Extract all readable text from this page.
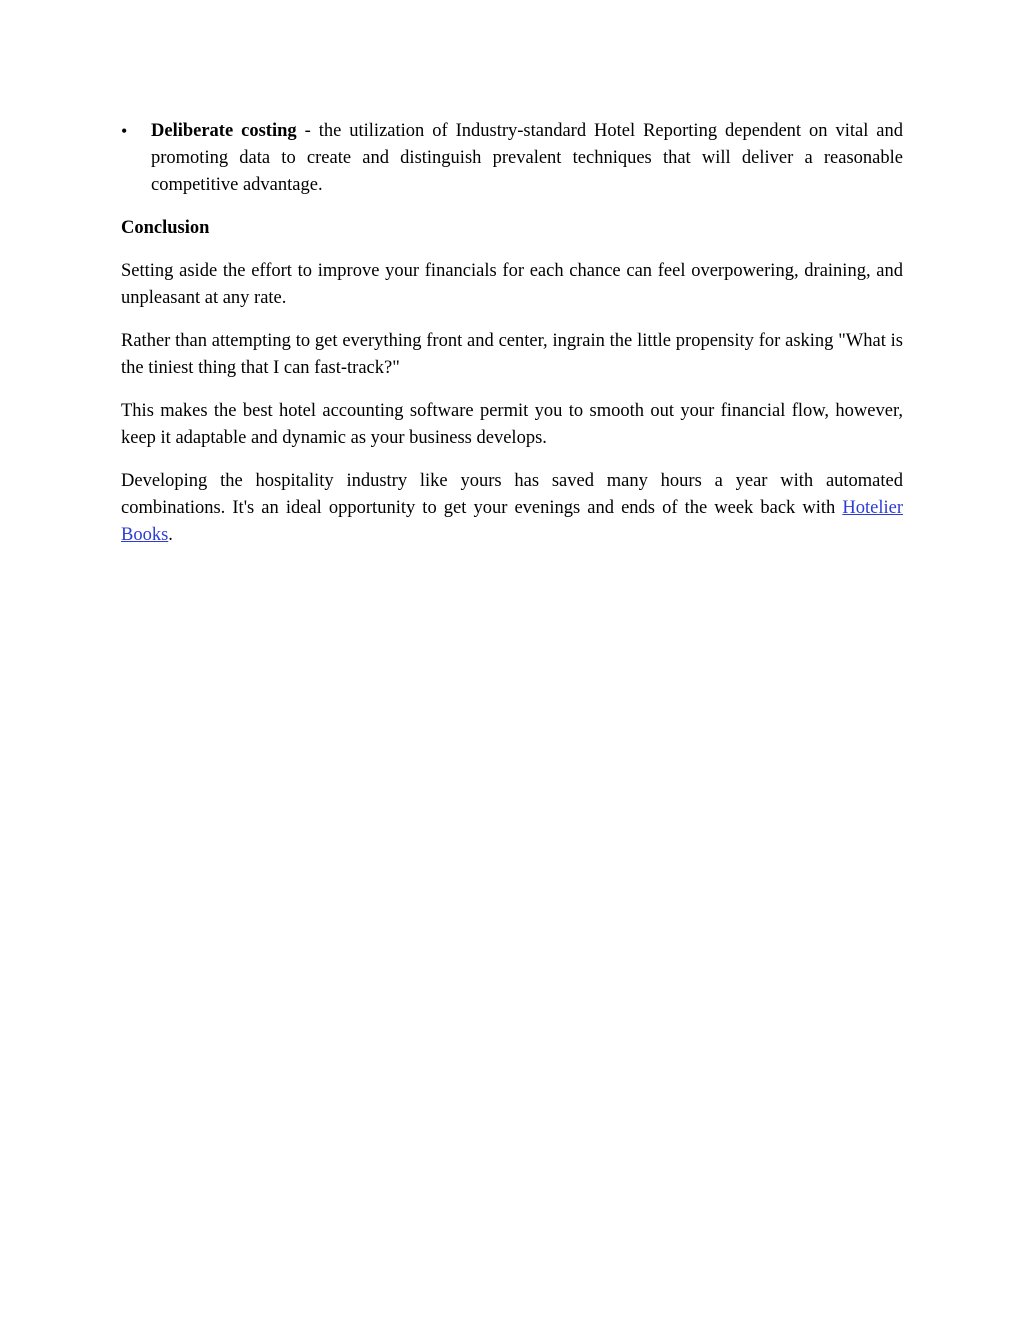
• Deliberate costing - the utilization of Industry-standard Hotel Reporting dependent on vital and promoting data to create and distinguish prevalent techniques that will deliver a reasonable competitive advantage.
Conclusion

Setting aside the effort to improve your financials for each chance can feel overpowering, draining, and unpleasant at any rate.

Rather than attempting to get everything front and center, ingrain the little propensity for asking "What is the tiniest thing that I can fast-track?"

This makes the best hotel accounting software permit you to smooth out your financial flow, however, keep it adaptable and dynamic as your business develops.

Developing the hospitality industry like yours has saved many hours a year with automated combinations. It's an ideal opportunity to get your evenings and ends of the week back with Hotelier Books.
